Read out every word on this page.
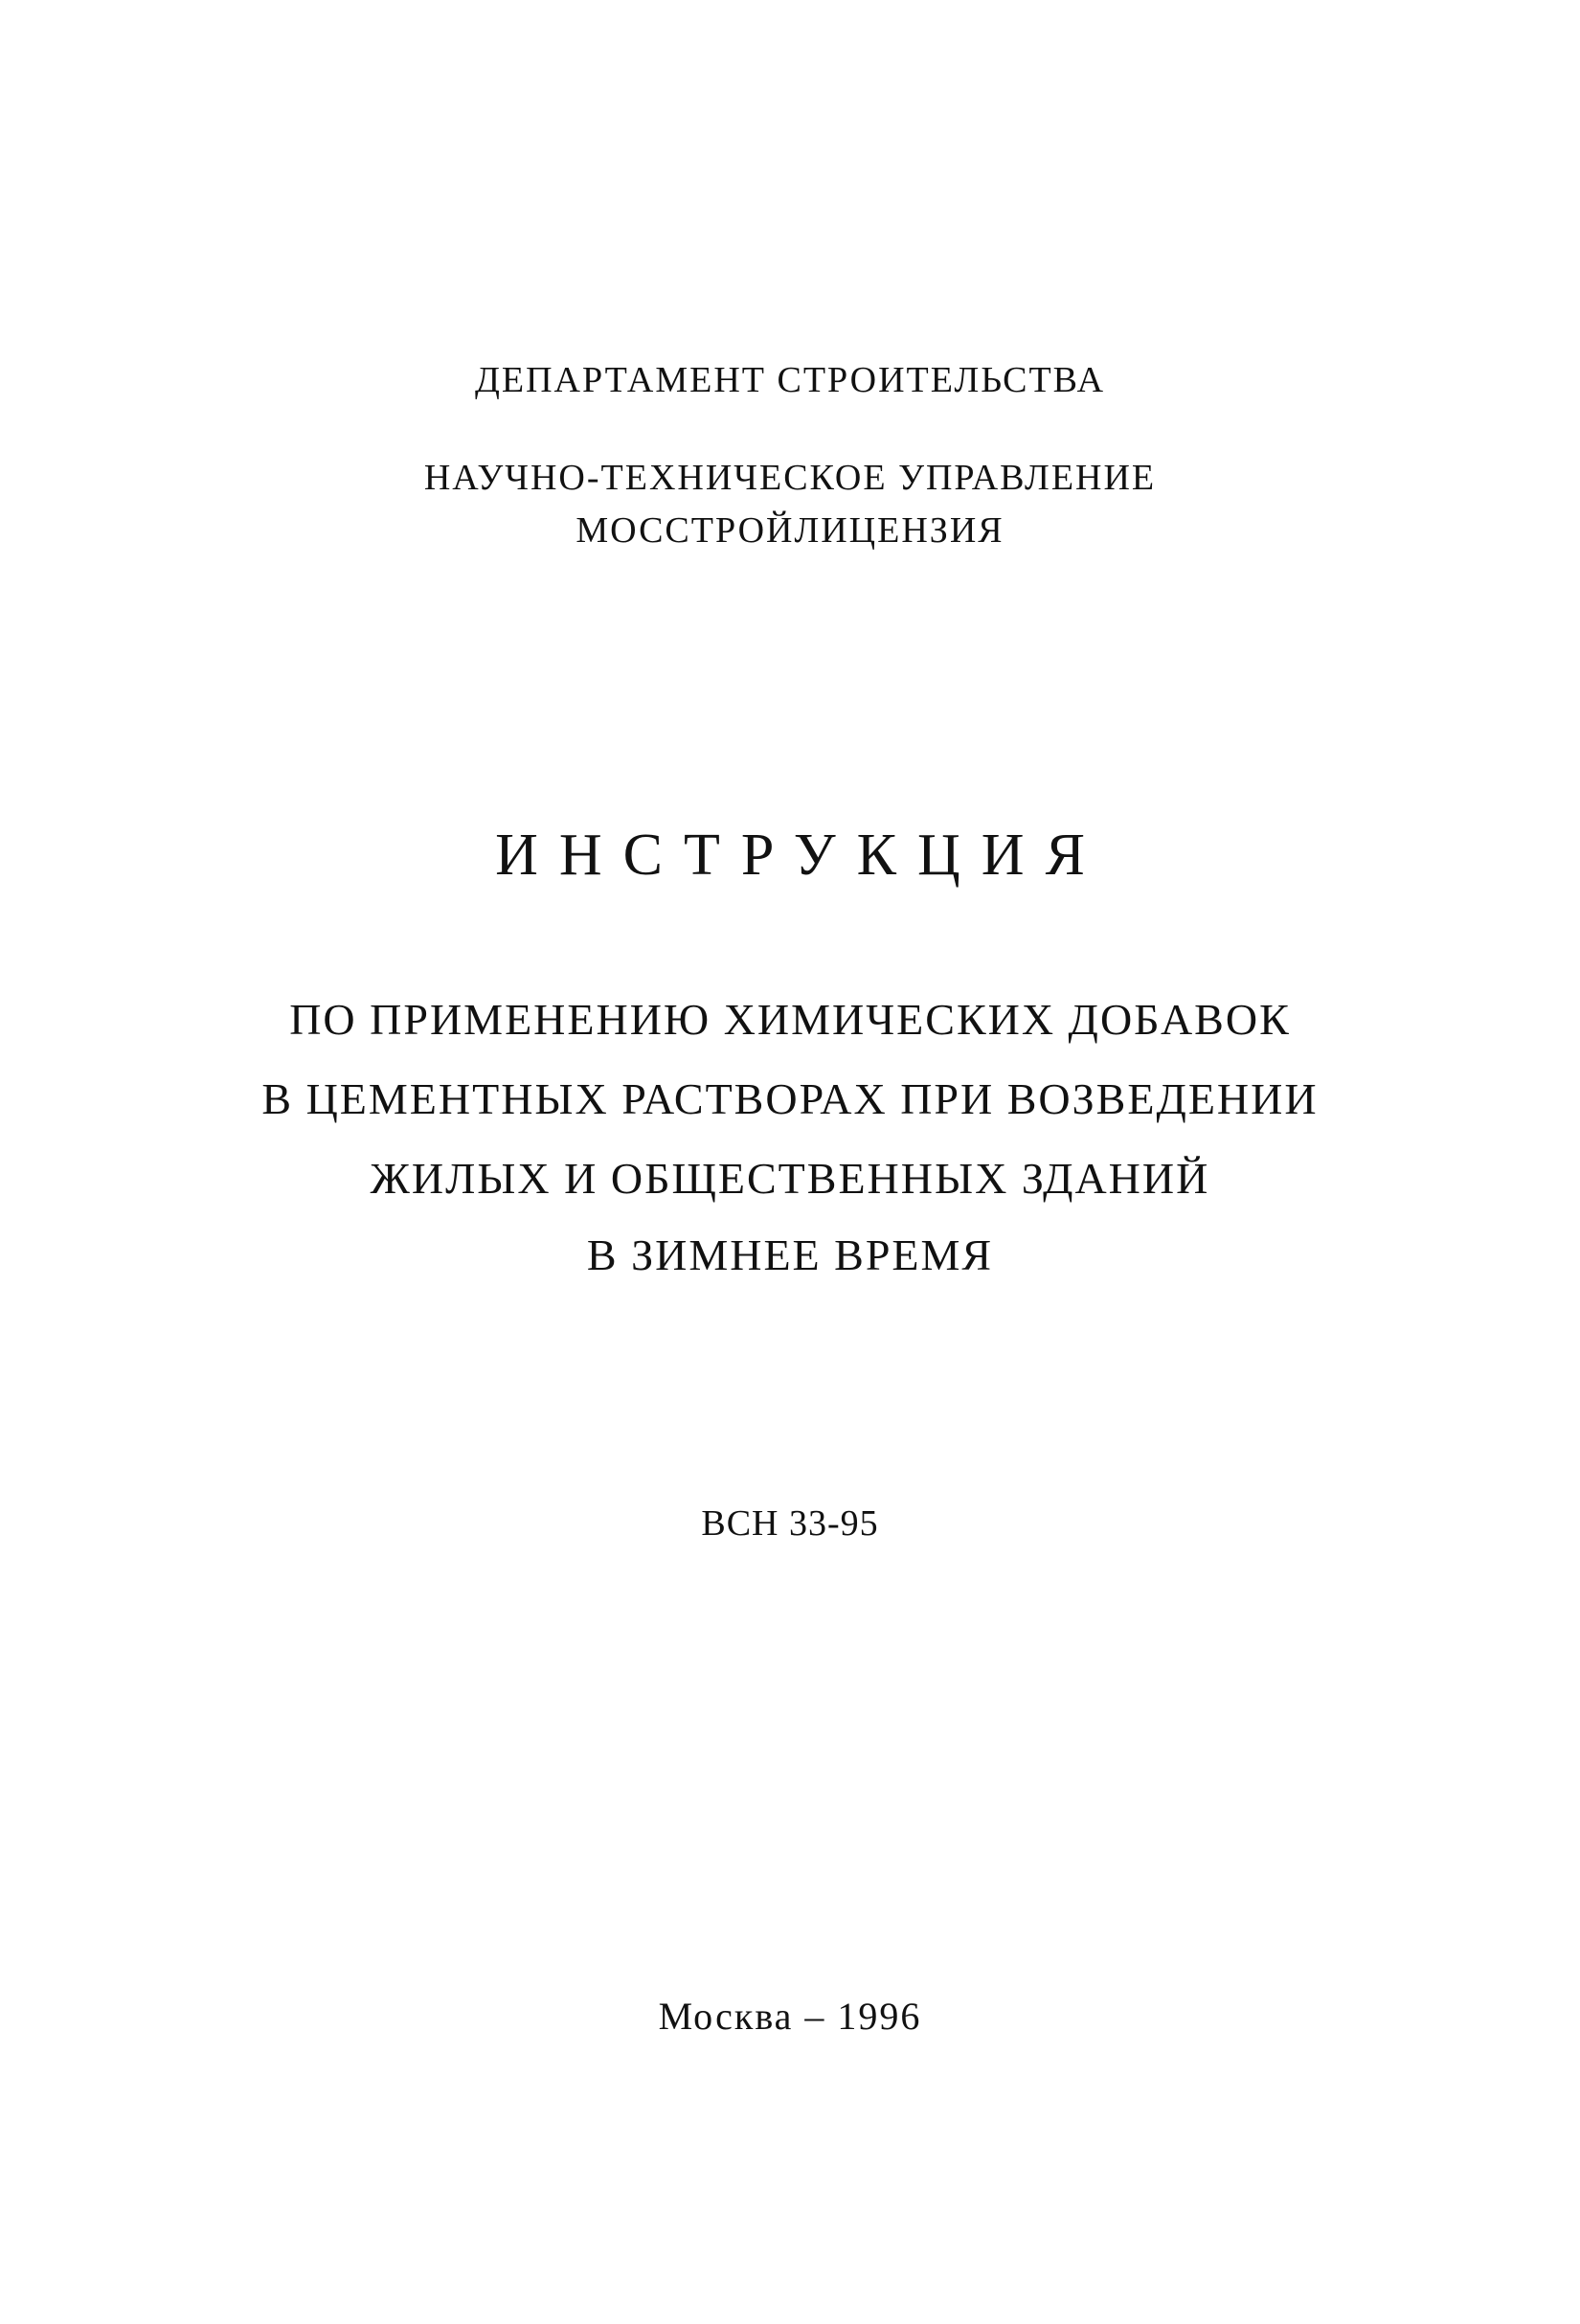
ДЕПАРТАМЕНТ СТРОИТЕЛЬСТВА
НАУЧНО-ТЕХНИЧЕСКОЕ УПРАВЛЕНИЕ
МОССТРОЙЛИЦЕНЗИЯ
ИНСТРУКЦИЯ
ПО ПРИМЕНЕНИЮ ХИМИЧЕСКИХ ДОБАВОК
В ЦЕМЕНТНЫХ РАСТВОРАХ ПРИ ВОЗВЕДЕНИИ
ЖИЛЫХ И ОБЩЕСТВЕННЫХ ЗДАНИЙ
В ЗИМНЕЕ ВРЕМЯ
ВСН 33-95
Москва – 1996
